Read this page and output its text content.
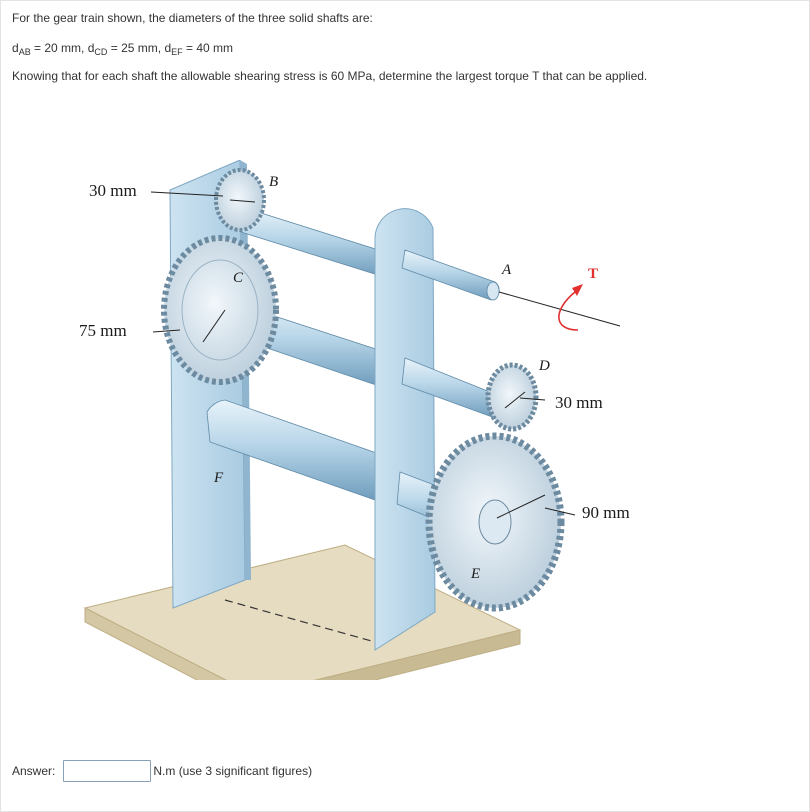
For the gear train shown, the diameters of the three solid shafts are:
$d_{AB} = 20$ mm, $d_{CD} = 25$ mm, $d_{EF} = 40$ mm
Knowing that for each shaft the allowable shearing stress is 60 MPa, determine the largest torque T that can be applied.
B
C	A	T
D
F
E
30 mm
75 mm
30 mm
90 mm
Answer:	N.m (use 3 significant figures)
